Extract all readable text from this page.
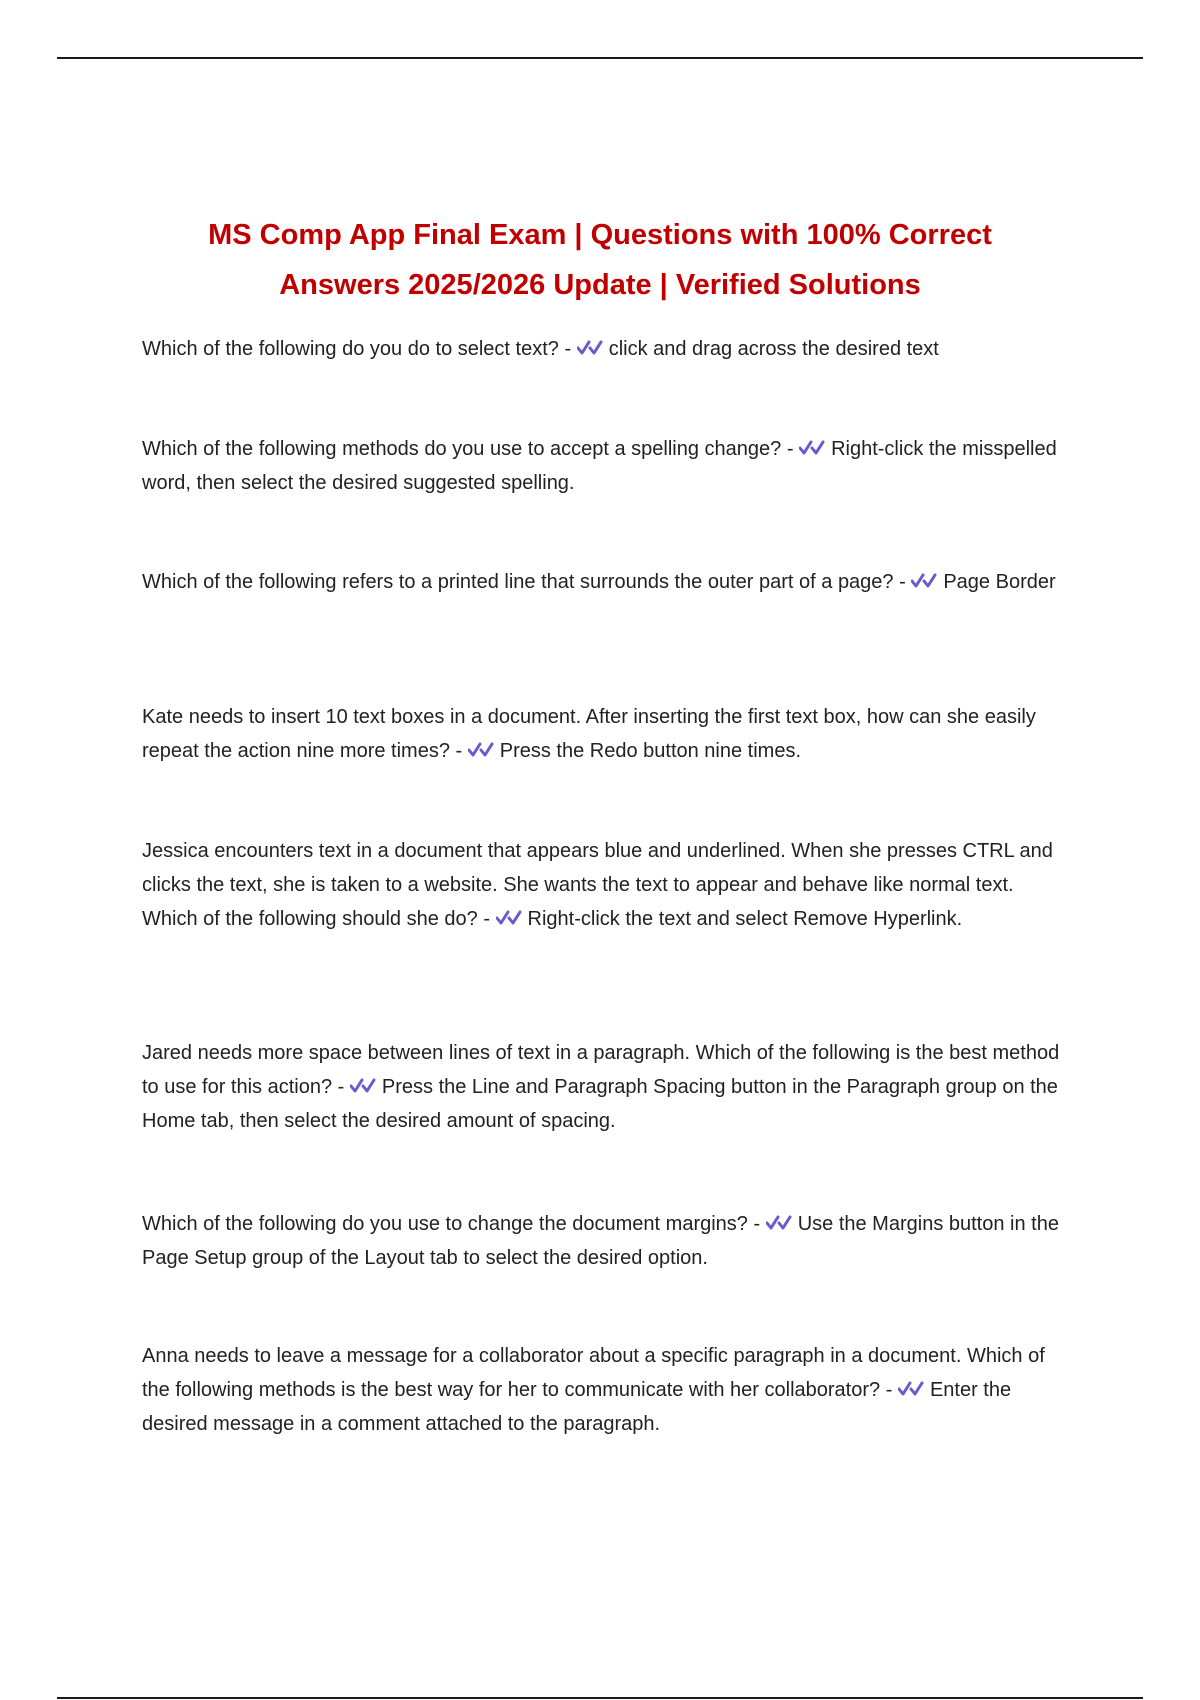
MS Comp App Final Exam | Questions with 100% Correct
Answers 2025/2026 Update | Verified Solutions

Which of the following do you do to select text? - click and drag across the desired text

Which of the following methods do you use to accept a spelling change? - Right-click the misspelled word, then select the desired suggested spelling.

Which of the following refers to a printed line that surrounds the outer part of a page? - Page Border

Kate needs to insert 10 text boxes in a document. After inserting the first text box, how can she easily repeat the action nine more times? - Press the Redo button nine times.

Jessica encounters text in a document that appears blue and underlined. When she presses CTRL and clicks the text, she is taken to a website. She wants the text to appear and behave like normal text. Which of the following should she do? - Right-click the text and select Remove Hyperlink.

Jared needs more space between lines of text in a paragraph. Which of the following is the best method to use for this action? - Press the Line and Paragraph Spacing button in the Paragraph group on the Home tab, then select the desired amount of spacing.

Which of the following do you use to change the document margins? - Use the Margins button in the Page Setup group of the Layout tab to select the desired option.

Anna needs to leave a message for a collaborator about a specific paragraph in a document. Which of the following methods is the best way for her to communicate with her collaborator? - Enter the desired message in a comment attached to the paragraph.
